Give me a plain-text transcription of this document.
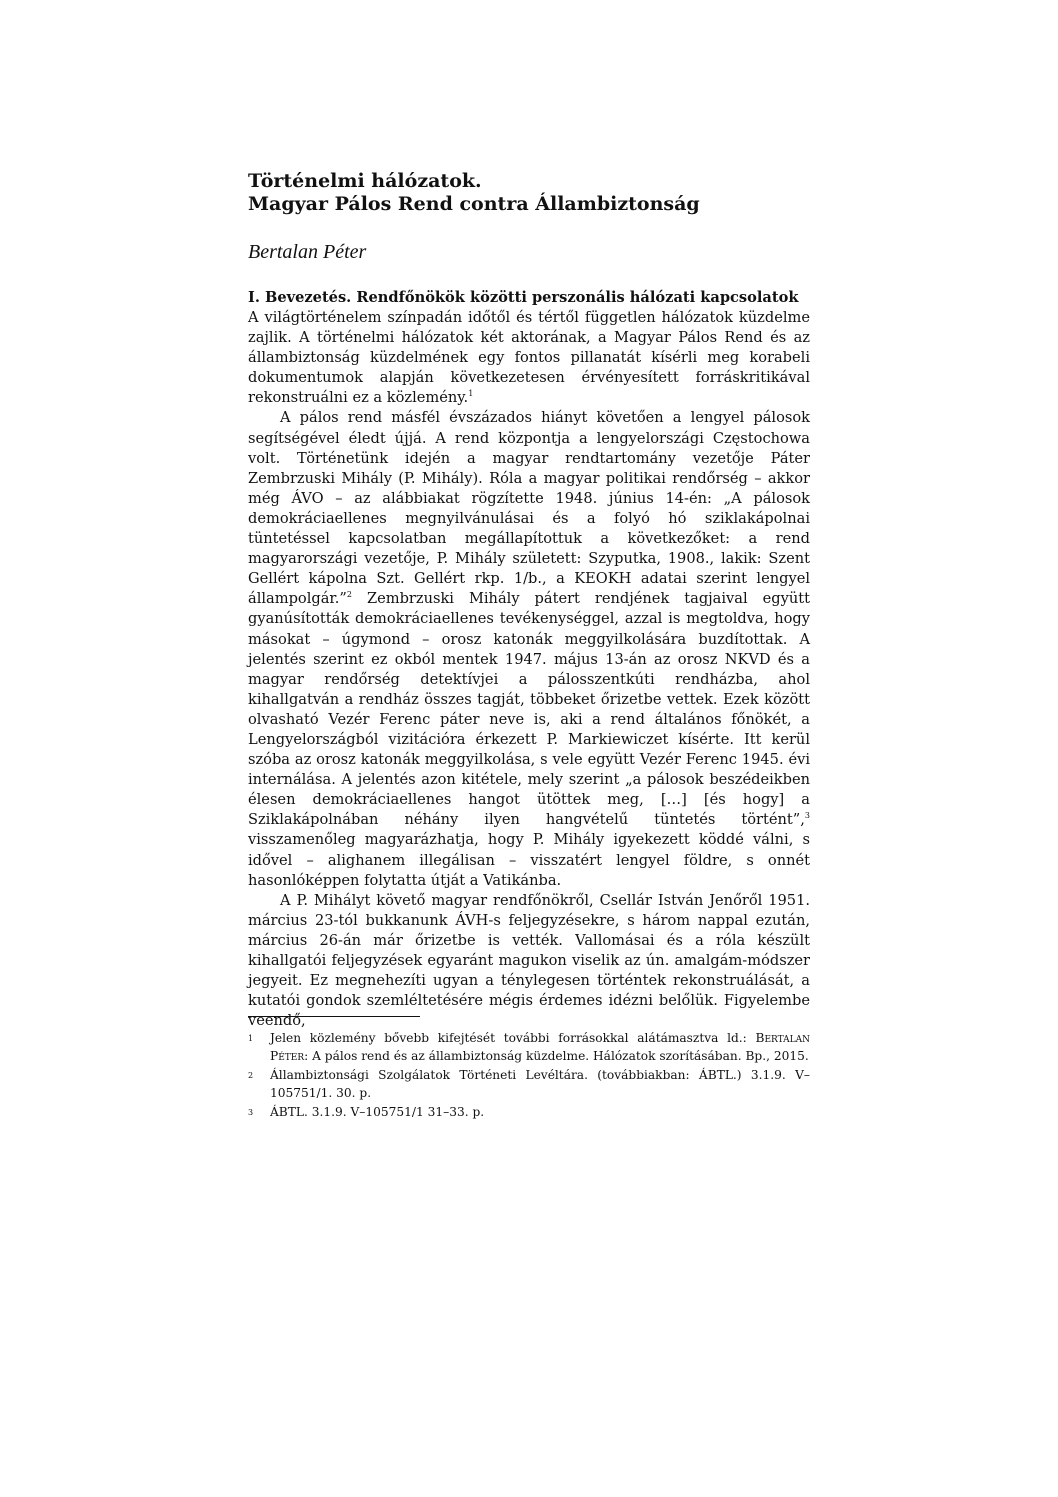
Történelmi hálózatok.
Magyar Pálos Rend contra Állambiztonság

Bertalan Péter

I. Bevezetés. Rendfőnökök közötti perszonális hálózati kapcsolatok

A világtörténelem színpadán időtől és tértől független hálózatok küzdelme zajlik. A történelmi hálózatok két aktorának, a Magyar Pálos Rend és az állambiztonság küzdelmének egy fontos pillanatát kísérli meg korabeli dokumentumok alapján következetesen érvényesített forráskritikával rekonstruálni ez a közlemény.$^1$

A pálos rend másfél évszázados hiányt követően a lengyel pálosok segítségével éledt újjá. A rend központja a lengyelországi Częstochowa volt. Történetünk idején a magyar rendtartomány vezetője Páter Zembrzuski Mihály (P. Mihály). Róla a magyar politikai rendőrség – akkor még ÁVO – az alábbiakat rögzítette 1948. június 14-én: „A pálosok demokráciaellenes megnyilvánulásai és a folyó hó sziklakápolnai tüntetéssel kapcsolatban megállapítottuk a következőket: a rend magyarországi vezetője, P. Mihály született: Szyputka, 1908., lakik: Szent Gellért kápolna Szt. Gellért rkp. 1/b., a KEOKH adatai szerint lengyel állampolgár.”$^2$ Zembrzuski Mihály pátert rendjének tagjaival együtt gyanúsították demokráciaellenes tevékenységgel, azzal is megtoldva, hogy másokat – úgymond – orosz katonák meggyilkolására buzdítottak. A jelentés szerint ez okból mentek 1947. május 13-án az orosz NKVD és a magyar rendőrség detektívjei a pálosszentkúti rendházba, ahol kihallgatván a rendház összes tagját, többeket őrizetbe vettek. Ezek között olvasható Vezér Ferenc páter neve is, aki a rend általános főnökét, a Lengyelországból vizitációra érkezett P. Markiewiczet kísérte. Itt kerül szóba az orosz katonák meggyilkolása, s vele együtt Vezér Ferenc 1945. évi internálása. A jelentés azon kitétele, mely szerint „a pálosok beszédeikben élesen demokráciaellenes hangot ütöttek meg, […] [és hogy] a Sziklakápolnában néhány ilyen hangvételű tüntetés történt”,$^3$ visszamenőleg magyarázhatja, hogy P. Mihály igyekezett köddé válni, s idővel – alighanem illegálisan – visszatért lengyel földre, s onnét hasonlóképpen folytatta útját a Vatikánba.

A P. Mihályt követő magyar rendfőnökről, Csellár István Jenőről 1951. március 23-tól bukkanunk ÁVH-s feljegyzésekre, s három nappal ezután, március 26-án már őrizetbe is vették. Vallomásai és a róla készült kihallgatói feljegyzések egyaránt magukon viselik az ún. amalgám-módszer jegyeit. Ez megnehezíti ugyan a ténylegesen történtek rekonstruálását, a kutatói gondok szemléltetésére mégis érdemes idézni belőlük. Figyelembe veendő,

1	Jelen közlemény bővebb kifejtését további forrásokkal alátámasztva ld.: Bertalan Péter: A pálos rend és az állambiztonság küzdelme. Hálózatok szorításában. Bp., 2015.
2	Állambiztonsági Szolgálatok Történeti Levéltára. (továbbiakban: ÁBTL.) 3.1.9. V–105751/1. 30. p.
3	ÁBTL. 3.1.9. V–105751/1 31–33. p.
